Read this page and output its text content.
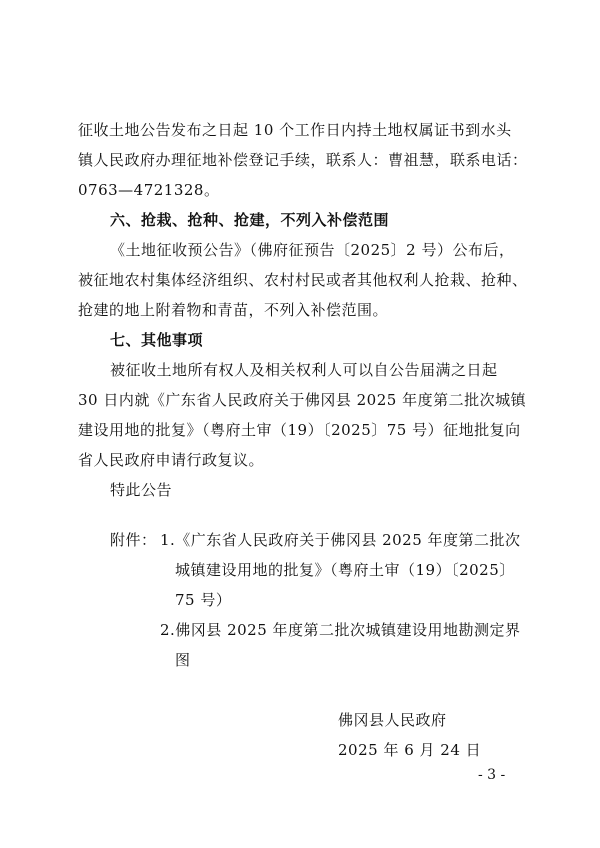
征收土地公告发布之日起 10 个工作日内持土地权属证书到水头
镇人民政府办理征地补偿登记手续，联系人：曹祖慧，联系电话：
0763—4721328。
六、抢栽、抢种、抢建，不列入补偿范围
《土地征收预公告》（佛府征预告〔2025〕2 号）公布后，
被征地农村集体经济组织、农村村民或者其他权利人抢栽、抢种、
抢建的地上附着物和青苗，不列入补偿范围。
七、其他事项
被征收土地所有权人及相关权利人可以自公告届满之日起
30 日内就《广东省人民政府关于佛冈县 2025 年度第二批次城镇
建设用地的批复》（粤府土审（19）〔2025〕75 号）征地批复向
省人民政府申请行政复议。
特此公告
附件： 1.《广东省人民政府关于佛冈县 2025 年度第二批次
城镇建设用地的批复》（粤府土审（19）〔2025〕
75 号）
2.佛冈县 2025 年度第二批次城镇建设用地勘测定界
图
佛冈县人民政府
2025 年 6 月 24 日
- 3 -
